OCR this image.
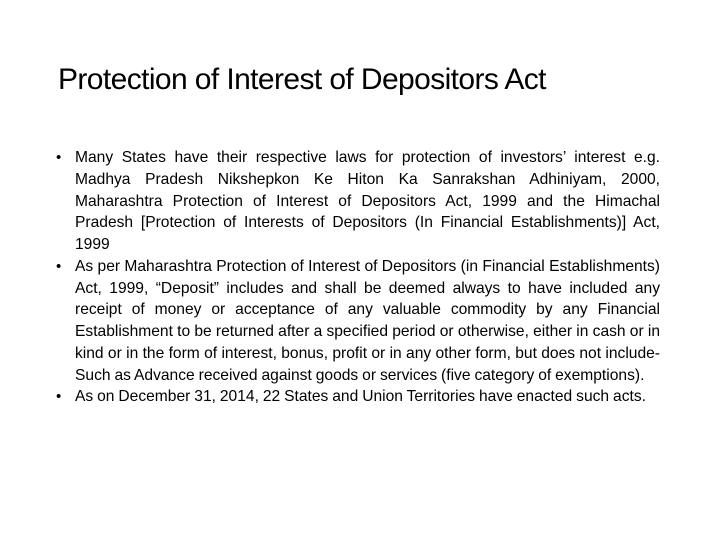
Protection of Interest of Depositors Act
• Many States have their respective laws for protection of investors’ interest e.g. Madhya Pradesh Nikshepkon Ke Hiton Ka Sanrakshan Adhiniyam, 2000, Maharashtra Protection of Interest of Depositors Act, 1999 and the Himachal Pradesh [Protection of Interests of Depositors (In Financial Establishments)] Act, 1999
• As per Maharashtra Protection of Interest of Depositors (in Financial Establishments) Act, 1999, “Deposit” includes and shall be deemed always to have included any receipt of money or acceptance of any valuable commodity by any Financial Establishment to be returned after a specified period or otherwise, either in cash or in kind or in the form of interest, bonus, profit or in any other form, but does not include- Such as Advance received against goods or services (five category of exemptions).
• As on December 31, 2014, 22 States and Union Territories have enacted such acts.
